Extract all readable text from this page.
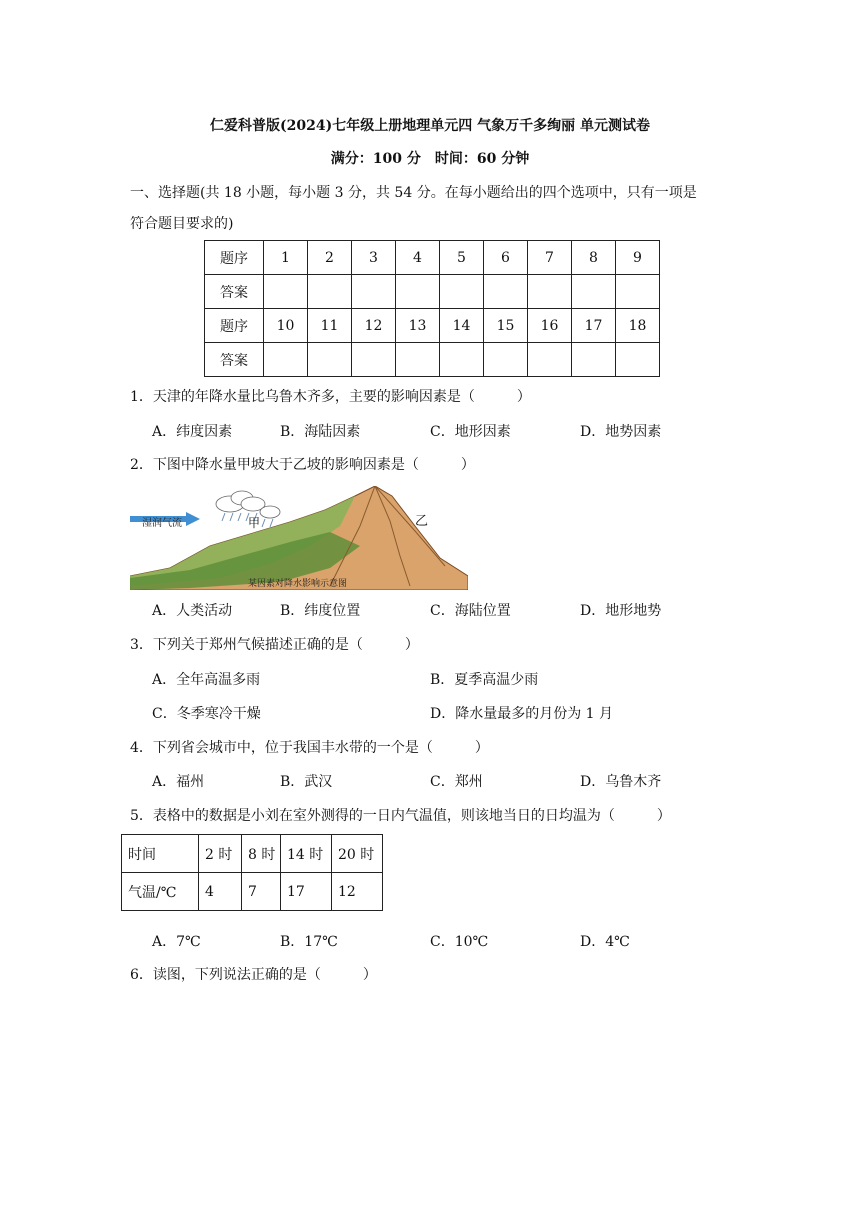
仁爱科普版(2024)七年级上册地理单元四 气象万千多绚丽 单元测试卷
满分：100 分　时间：60 分钟
一、选择题(共 18 小题，每小题 3 分，共 54 分。在每小题给出的四个选项中，只有一项是
符合题目要求的)
题序	1	2	3	4	5	6	7	8	9
答案									
题序	10	11	12	13	14	15	16	17	18
答案									
1．天津的年降水量比乌鲁木齐多，主要的影响因素是（　　　）
A．纬度因素	B．海陆因素	C．地形因素	D．地势因素
2．下图中降水量甲坡大于乙坡的影响因素是（　　　）
湿润气流	甲	乙
某因素对降水影响示意图
A．人类活动	B．纬度位置	C．海陆位置	D．地形地势
3．下列关于郑州气候描述正确的是（　　　）
A．全年高温多雨	B．夏季高温少雨
C．冬季寒冷干燥	D．降水量最多的月份为 1 月
4．下列省会城市中，位于我国丰水带的一个是（　　　）
A．福州	B．武汉	C．郑州	D．乌鲁木齐
5．表格中的数据是小刘在室外测得的一日内气温值，则该地当日的日均温为（　　　）
时间	2 时	8 时	14 时	20 时
气温/℃	4	7	17	12
A．7℃	B．17℃	C．10℃	D．4℃
6．读图，下列说法正确的是（　　　）
